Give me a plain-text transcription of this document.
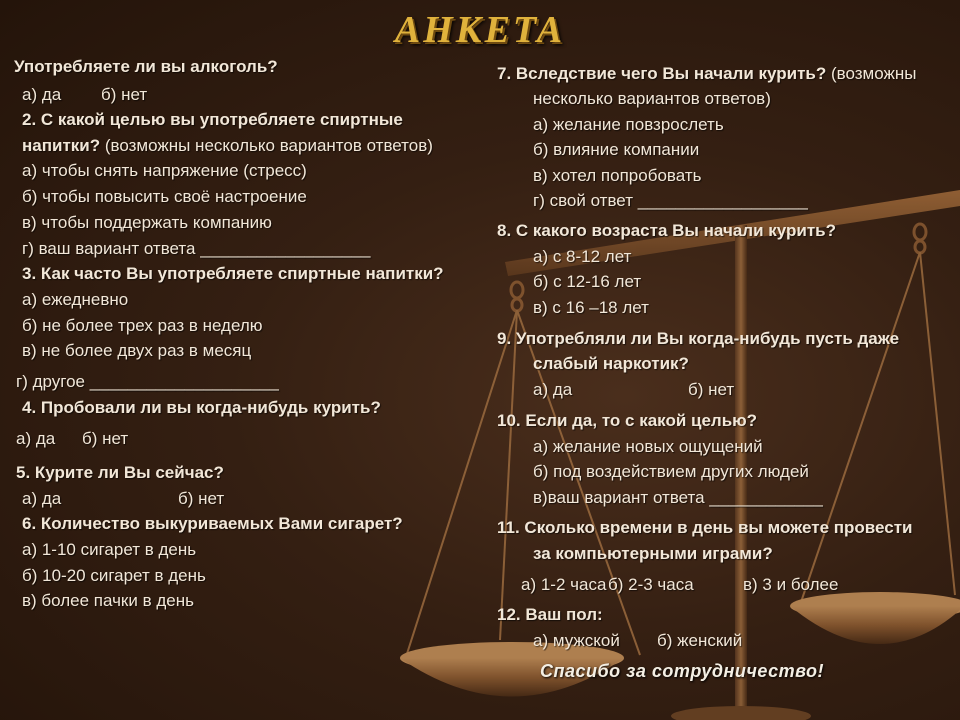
АНКЕТА
Употребляете ли вы алкоголь?
а) да б) нет
2. С какой целью вы употребляете спиртные
напитки? (возможны несколько вариантов ответов)
а) чтобы снять напряжение (стресс)
б) чтобы повысить своё настроение
в) чтобы поддержать компанию
г) ваш вариант ответа __________________
3. Как часто Вы употребляете спиртные напитки?
а) ежедневно
б) не более трех раз в неделю
в) не более двух раз в месяц
г) другое ____________________
4. Пробовали ли вы когда-нибудь курить?
а) да б) нет
5. Курите ли Вы сейчас?
а) да	б) нет
6. Количество выкуриваемых Вами сигарет?
а) 1-10 сигарет в день
б) 10-20 сигарет в день
в) более пачки в день
7. Вследствие чего Вы начали курить? (возможны
несколько вариантов ответов)
а) желание повзрослеть
б) влияние компании
в) хотел попробовать
г) свой ответ __________________
8. С какого возраста Вы начали курить?
а) с 8-12 лет
б) с 12-16 лет
в) с 16 –18 лет
9. Употребляли ли Вы когда-нибудь пусть даже
слабый наркотик?
а) да	б) нет
10. Если да, то с какой целью?
а) желание новых ощущений
б) под воздействием других людей
в)ваш вариант ответа ____________
11. Сколько времени в день вы можете провести
за компьютерными играми?
а) 1-2 часа б) 2-3 часа	в) 3 и более
12. Ваш пол:
а) мужской б) женский
Спасибо за сотрудничество!
